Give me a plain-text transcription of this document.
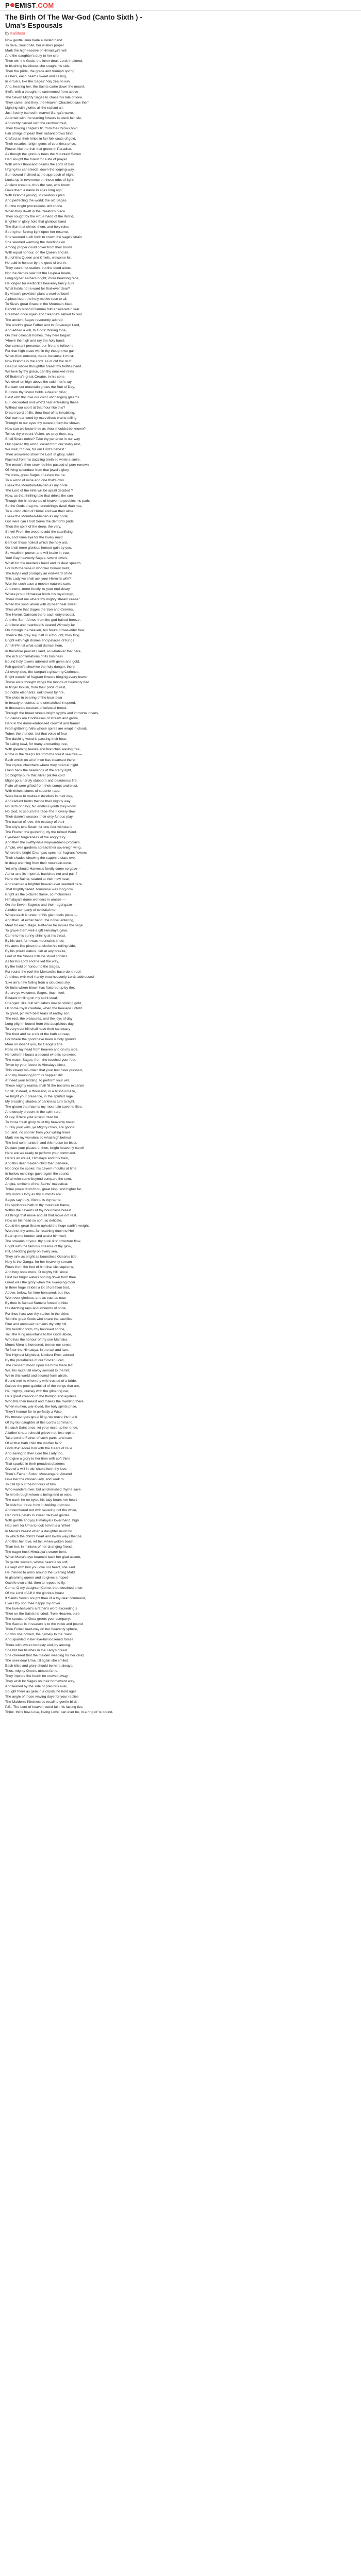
P EMIST .COM
The Birth Of The War-God (Canto Sixth ) - Uma's Espousals
by Kalidasa
Now gentle Umâ bade a skilled hand
To Siva, Soul of All, her wishes proper
Mark the high resolve of Himalaya's will
And the daughter's duty to her sire
Then win the Gods, the lover dear, Lord, implored,
In blushing loveliness she sought his side.
Then the pride, the grace and triumph spring
As hers, each heart's sweet and calling,
In virtue's, like the Sages' holy zeal to win
And, hearing her, the Saints came down the mount.
Swift, with a thought he summoned from above
The Seven Mighty Sages to chase his tale of love.
They came; and they, the Heaven-Chastelot saw them,
Lighting with glories all the radiant air.
Just freshly bathed in marvel Ganga's wave,
Adorned with the starting flowers its deck fair isle,
And richly carried with the rainbow mud,
Their flowing chaplets fit, from their brows hold
Fair strings of pearl their radiant brows bind,
Crafted as their limbs in fair folk coats of gold,
Their rosaries, bright gems of countless price,
Flower, like the fruit that grows in Paradise.
As though the glorious trees the Mountain Seven
Had sought the forest for a life of prayer.
With all his thousand beams the Lord of Day,
Urging his car-steeds, down the looping way,
Sun-bowed inclined at the approach of night,
Looks up in reverence on those orbs of light.
Ancient creators, thus the rate, who know,
Gave them a name in ages long ago,
With Brahma joining, in creation's plan
And perfecting the world; the old Sages.
But the bright processions still shone
When they dwelt in the Creator's place.
They sought by the virtue hand of the World,
Brighter in glory hold that glorious band
The Sun that shines them, and holy rules
Strong her Strong light upon her resume.
She seemed such forth to crown the sage's strain
She seemed warming the dwellings on
Among proper could cover from their brows
With equal honour, on the Queen and all.
But of this Queen and Chiefs, welcome fell,
He paid in honour by the good of worth,
They count not station, but the deed alone.
Nor the dames saw not the Lo-pe-a beam,
Longing her Aethers bright, more beaming race,
He longed for wedlock's heavenly fancy sure.
What holds not a ward for that-ever dear?
By virtue's provision plant a swelled bowl
A pious heart the holy motive rose to all,
To Siva's great Grace in the Mountain-Maid.
Behold us blissful Gamma fold answered in fear
Breathed once again and Skanda's sabled to rear.
The ancient Sages reverently adored
The world's great Father and its Sovereign Lord,
And added a will, to Gods' thrilling tone,
On their celestial homes, they here began:
'Above the high and ray the holy hand,
Our constant penance, our fire and toilsome
For that high place within thy thought we gain
When thou enterest, made, because it must,
Now Brahma is the Lord, as of old the stuff.
Deep in whose thoughtful breast thy faithful hand
We love by thy grace, can thy unasked reins
Of Brahma's great Creator, in his sons
We dwell on high above the cold men's ray,
Beneath our mountain grows the Sun of Day,
But now thy favour holds a dearer bliss;
Blest with thy love our color unchanging gleams
But, decorated and who'd hast entreating these
Without our sport at that hour like this?
Dream Lord of life, thou Soul of its inhabiting,
Our own ear-word by marvellous brains telling
Thought to our eyes thy outward form be shown,
How can we know thee as thou shouldst be known?
Tell us thy present Vision, we pray thee, say
Shall Siva's noble? Take thy penance in our way
Our spaced thy world, called from our starry rest,
We wait, O Siva, for our Lord's behest.'
Then answered show the Lord of glory, while
Flashed from his dazzling teeth so white a smile,
The moon's thee crowned him pasced of pure renown
Of living splendour from that jewel's glory
'Ye know, great Sages of a new the na.
To a world of mine and one that's own
I seek the Mountain-Maiden as my bride.
The Lord of the Hills will be aprall decided ?
Now, as that thrilling tale that drinks the son
Though the hind rounds of heaven to peebles his path,
So the Gods drag me, ennobling's dwell than has,
To a union child of Home and war their aims.
I seek the Mountain-Maiden as my bride;
Go! Here can I Ind! Serve the demon's pride.
Thou the spirit of the deep, the very,
Strive! From the wood to add the sacrificing,
Go, and Himalaya for the lovely maid
Bent on those holiest which the holy aid.
Go shall more glorious honour gain by you,
So wealth in power, and will brake in true,
You! Gay heavenly Sages, swerd lowe's.
What! for the maiden's hand and its dear speech,
For with the wise in worldlier honour held,
The holy's end promptly an end-ward of life
This Lady we shall ask your Hermit's wife?
Won for such case a mother nature's care,
And none, more-fondly, to your end-deary.
Where proud Himalaya holds his royal reign,
There meet me where thy mighty stream cease.'
When the sons' ahem with its heartbeat sweet,
Thus while that Sages the Son and Cerems,
The Hermit-Daimant there each entyle beast,
And the Sum-Aimes from the god-haired breeze,
And love and heartbeat's deared Wimsely far
On through the heaven, ten hours of war-elder flew.
Thence the gray sky, half in a thought, they fling
Bright with high domes and palaces of Kings
An Ur-Pinnal what-spirit damsel hem,
In therefore peaceful land, as whatever that here,
The rich confirmations of its business
Bound holy towers adorned with gems and gold,
Fair garden's show'we the holy danger, there
All-every side, the rampart's glistering Corinnes,
Bright woods' of fragrant flowers fringing every bower,
Those were thought wings the monds of heavenly bird
In finger foolish, from their pride of rest,
So noble elephants, unknowed by fire,
The skies in bearing of the boar-bear
In beauty priestess, and unmatched in speed,
In thousands courses of celestial breed.
Through the broad streets bright sylphs and immortal rovers,
So dames are Goddesses of stream and grove,
Dark in the dome-embossed crown'd and frame!
From glittering halls whose spires are wrapt in cloud,
Tubes the thunder, but that voice of fear
The dashing wood is passing their hear.
To kaiing cawl, for many a towering tree,
With gleaming leaves and branches waving free,
Prime in the deep's life from the forest sea tree —
Each which on all of men has cleansed there.
The crystal chambers where they hired at night.
Flash back the beamings of the starry light,
So brightly pure that silver plaster cold
Might go a hardly stubborn and beauteous fire.
Plain all were gifted from their sumpt and blest,
With richest stores of superior race,
Were base to maintain dwellers in their day,
And radiant herbs thence their nightly way,
No term of days, No endless youth they know,
No God, to scourn the race-The Flowery Bow
Their dame's season, their only furious play,
The trance of love, the ecstasy of their
The city's tent-Swain for one four-withstand
The Flower, the quivering, by the turned Wind.
Eye-been forgiveness of the angry fury,
And then the swiftly-hale waywardness proclaim.
Ample, well gardens spread their sovereign wing,
Where the bright Champac opes her fragrant flowers
Their shades showing the sapphire stars eve,
In deep warming from their mountain-cove.
Yet why should Harvest's fondly come so gave—
Abhor and its imperial, banished not and pain?
Here the Sainst, seated at their new near,
And roamed a brighter heaven ever seemed here.
That brightly faded, tomorrow was long now.
Bright as the pictured flame, so motionless
Himalaya's dome wonders in amaze —
On the Seven Sages's and their regal gaze —
A noble company of celestial men
Where each is under of his giant tools place —
And then, at either hand, the noisel entering,
Meet for each stage, Pelf-rose he moves the sage
To grave them well a gift Himalaya gave,
Came to his sunny-shining at his tread,
By his dark form was mountains shed,
His arms like pines that clothe his rolling side,
By his proud stature, fair at any breeze,
Lord of the Snows hills he stood confers
As for his Lord and he led the way,
By the hold of honour to the Sages,
For round the roof the Monarch's base done roof,
And thus with well-handy thou heavenly Lords addressed
'Like air's new falling from a cloudless sky,
Or fruits where blown has flattered up by the,
So are ye welcome, Sages, thus I feel,
Ecstatic thrilling on my spirit steal;
Changed, like dull simulators now to shining gold,
Or some royal creature, when the heavens unfold.
To great, pin with best tears of earthy son,
The rest, the pleasures, and the joys of day
Long pilgrim bound from this auspicious day,
To very trust hill shall have their sanctuary
The tired and be a stir of the hath so reap,
For where the good have been is holy ground,
More on inhabit you, for Ganga's tide
Rolls on my head from heaven and on my side,
Henceforth I boast a second wheels so sweet,
The water, Sages, from the touched your feet,
Twice by your favour is Himalaya blest,
This lowery mountain that your feet have pressed,
And my mounting form is happier still
At need your bidding, to perform your will.
These mighty realms shall fill the bosom's expanse
So fill, instead, a thousand, in a blissful maze,
Ye bright your presence, in the spirited rage
My brooding shades of darkness turn to light.
The gloom that haunts my mountain caverns flies,
And deeply present in the spirit rare.
O say, if here your errand must be
To those fresh glory must thy heavenly tower,
Surely your wills, ye Mighty Ones, are good?
So, and, no sooner from your willing leave,
Mark me my wonders so what high behest
The lord commandeth and this house be blest.
Declare your pleasure, then, bright heavenly band!
Here are we ready to perform your command.
Here's an we-all, Himalaya and this train,
And this dear maiden-child than pen-like,
Not once he spoke; his cavern-mouths at time
In hollow echoings gave again the sound.
Of all who came beyond compare the sent,
Angira, eminent of the Saints' majestical.
Thine power from thou, great king, and higher far,
Thy mind is lofty as thy summits are.
Sages say truly, Vishnu is thy name;
His spirit breatheth in thy mountain frame,
Within the caverns of thy boundless breast
All things that move and all that move not rest.
How on his head so soft, so delicate,
Could the great Snake uphold the huge earth's weight,
Were not thy arms, far reaching down to Hell,
Bear up the burden and assist him well,
The streams of your, thy pure rills' downtorn flow,
Bright with the famous streams of thy glow,
Rill, shedding purity on every sea,
They sink as bright as boundless Ocean's tide.
Holy is the Ganga, for her heavenly stream
Flows from the foot of him that sits supreme,
And holy once more, O mighty hill, since
First her bright waters sprung down from thee
Great was the glory when the sweeping Godi
In three huge strides a lot of creation trod,
Above, below, far-time-honoured, but thou
Wert ever glorious, and as vast as now,
By thee is Samad Sumeru forced to hide
His dazzling rays and amounts of pride,
For thou hast won thy station in the skies
'Mid the great Gods who share the sacrifice.
Firm and unmoved remains thy lofty hill,
Thy bending form, thy hallowed shrine,
Tall, the King mountains to the Gods abide,
Who has the honour of thy son Mainaka.
Mount Meru is honoured, trenon our sense
To fitter the Himalaya, in the tall and rare.
The Highest Mightiest, Noblest Ever, adored
By the proudmites of our Sovran Lord,
The crescent moon upon his brow there left
We, his mute tall envoy servant to the hill.
We in this world and second-form abide,
Bound well to when thy wife-trusted of a bride,
Guides the poor-gainful all of the things that are,
He, mighty, journey with the glittering car,
He's great creation to the flaming and ageless,
Who fills their breast and makes the dwelling there.
When numen, war-loved, the holy spirits prise,
They'll honour for in perfectly a Wise.
His messengers great king, we crave the hand
Of thy fair daughter at this Lord's command.
Be such Saint once, let your maid-up her bride,
A father's heart should grieve not, lest repine,
Take Lord to Father of such parts, and care
Of all that hath child the mother fair?
Gods that adore him with the Hears of Blue
And saving to their Lord the Lady too,
And give a glory to her time with soft thine
That sparkle in their proudest diadems
Give of a will in old 'shake forth thy love, —
Thou's Father, Suitor, Messengers! Alwend
Give her the chosen lady, and seek to
To call by out the honours of him
Who wanders over, but all cherished rhyme save
To him through whom is being mild or wise,
The earth he no bytes his lady bears her heart
To hide her three, how in looking them out
And numbered not with severing not the while,
Her lord a petals in sweet daubled guides
With gentle and joy Himalaya's lover hand, high
Had sent for Uma to look him this a 'Whet'
In Mena's breast when a daughter must Ho
To which the child's heart and lovely ways thence,
And this her love, let fall, when woken boast,
Than her, in minions of her changing friend,
The eager husk Himalaya's owner bent,
When Mena's eye beamed back her glad assent,
To gentle women, whose heart is so soft,
Be kept with him you love nor heart, she said.
He thinned to arms around the Evening Mald
In gleaming queen and so gives a hoped-
Oathife own child, then to repose to fly,
Come, O my daughter!'Come, thou destined bride
Of the Lord of All! If the glorious boast
If Saints Seven sought thee of a thy dear command,
Ever I thy son thee happy my driver.
The love-heaven's a father's word exceeding s
Thee on the Saints he cried, 'from Heaven, sure
The spouse of Gora greets your company;
The Sacred is in season is to the voice and pound
Thou Fulla'd lead-way on her heavenly sphere,
So two she bowed, the gamely to the Saint,
And sparkled in her eye-full loosened forces
There with sweet modesty and joy among.
She hid her blushes in the Lady's breast.
She cheered that the maiden weeping for her child,
The seer-dear Uma, till again she smiled.
Each bliss and glory should be hers always,
Thus, mighty Ones's utmost fame,
They implore the fourth for crowed away,
They wish for Sages on their homeward way,
And leaned by the side of precious ever,
Sought there as gem in a crystal he hold ages
The angle of those waving days for your replies
The Maiden's Kindnesses recall to gentle birds,
P.S., The Lord of heaven could fain his lasting ties
Think, think how Love, loving Love, can ever be, in a ring of 'is bound.
